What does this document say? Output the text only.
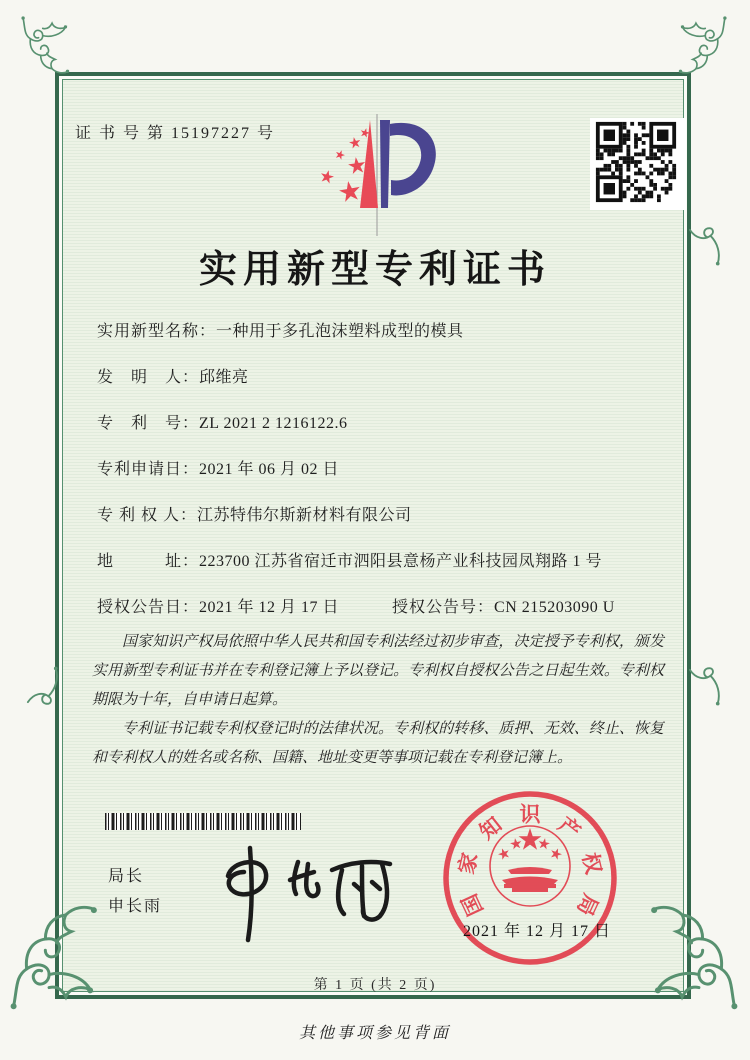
证 书 号 第 15197227 号
实用新型专利证书
实用新型名称： 一种用于多孔泡沫塑料成型的模具
发　明　人： 邱维亮
专　利　号： ZL 2021 2 1216122.6
专利申请日： 2021 年 06 月 02 日
专 利 权 人： 江苏特伟尔斯新材料有限公司
地　　　址： 223700 江苏省宿迁市泗阳县意杨产业科技园凤翔路 1 号
授权公告日： 2021 年 12 月 17 日	授权公告号： CN 215203090 U

国家知识产权局依照中华人民共和国专利法经过初步审查，决定授予专利权，颁发实用新型专利证书并在专利登记簿上予以登记。专利权自授权公告之日起生效。专利权期限为十年，自申请日起算。

专利证书记载专利权登记时的法律状况。专利权的转移、质押、无效、终止、恢复和专利权人的姓名或名称、国籍、地址变更等事项记载在专利登记簿上。

局长
申长雨	国
家
知 识 产
权
局
2021 年 12 月 17 日
第 1 页 (共 2 页)
其他事项参见背面
